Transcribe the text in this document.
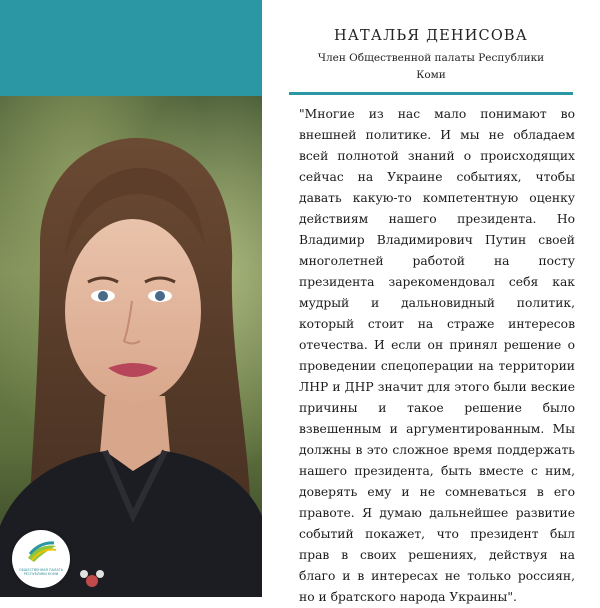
ОБЩЕСТВЕННАЯ ПАЛАТА РЕСПУБЛИКИ КОМИ
НАТАЛЬЯ ДЕНИСОВА
Член Общественной палаты Республики Коми

"Многие из нас мало понимают во внешней политике. И мы не обладаем всей полнотой знаний о происходящих сейчас на Украине событиях, чтобы давать какую-то компетентную оценку действиям нашего президента. Но Владимир Владимирович Путин своей многолетней работой на посту президента зарекомендовал себя как мудрый и дальновидный политик, который стоит на страже интересов отечества. И если он принял решение о проведении спецоперации на территории ЛНР и ДНР значит для этого были веские причины и такое решение было взвешенным и аргументированным. Мы должны в это сложное время поддержать нашего президента, быть вместе с ним, доверять ему и не сомневаться в его правоте. Я думаю дальнейшее развитие событий покажет, что президент был прав в своих решениях, действуя на благо и в интересах не только россиян, но и братского народа Украины".
